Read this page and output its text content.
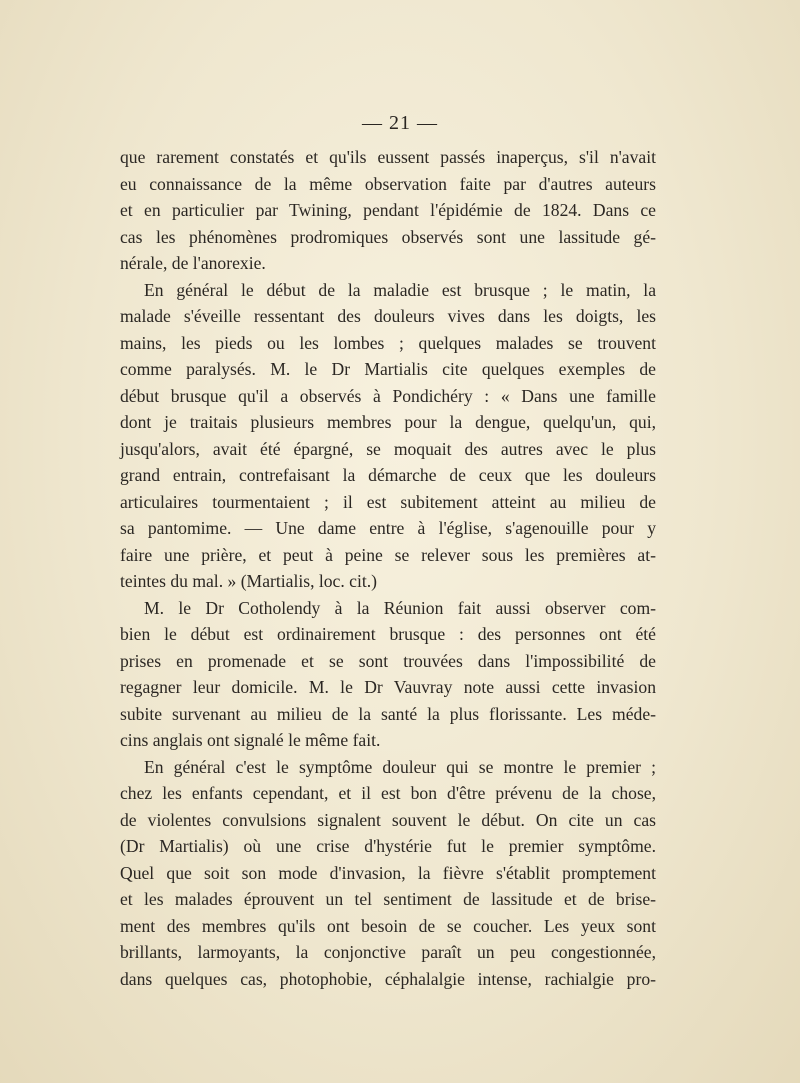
— 21 —

que rarement constatés et qu'ils eussent passés inaperçus, s'il n'avait
eu connaissance de la même observation faite par d'autres auteurs
et en particulier par Twining, pendant l'épidémie de 1824. Dans ce
cas les phénomènes prodromiques observés sont une lassitude gé-
nérale, de l'anorexie.

En général le début de la maladie est brusque ; le matin, la
malade s'éveille ressentant des douleurs vives dans les doigts, les
mains, les pieds ou les lombes ; quelques malades se trouvent
comme paralysés. M. le Dr Martialis cite quelques exemples de
début brusque qu'il a observés à Pondichéry : « Dans une famille
dont je traitais plusieurs membres pour la dengue, quelqu'un, qui,
jusqu'alors, avait été épargné, se moquait des autres avec le plus
grand entrain, contrefaisant la démarche de ceux que les douleurs
articulaires tourmentaient ; il est subitement atteint au milieu de
sa pantomime. — Une dame entre à l'église, s'agenouille pour y
faire une prière, et peut à peine se relever sous les premières at-
teintes du mal. » (Martialis, loc. cit.)

M. le Dr Cotholendy à la Réunion fait aussi observer com-
bien le début est ordinairement brusque : des personnes ont été
prises en promenade et se sont trouvées dans l'impossibilité de
regagner leur domicile. M. le Dr Vauvray note aussi cette invasion
subite survenant au milieu de la santé la plus florissante. Les méde-
cins anglais ont signalé le même fait.

En général c'est le symptôme douleur qui se montre le premier ;
chez les enfants cependant, et il est bon d'être prévenu de la chose,
de violentes convulsions signalent souvent le début. On cite un cas
(Dr Martialis) où une crise d'hystérie fut le premier symptôme.
Quel que soit son mode d'invasion, la fièvre s'établit promptement
et les malades éprouvent un tel sentiment de lassitude et de brise-
ment des membres qu'ils ont besoin de se coucher. Les yeux sont
brillants, larmoyants, la conjonctive paraît un peu congestionnée,
dans quelques cas, photophobie, céphalalgie intense, rachialgie pro-
